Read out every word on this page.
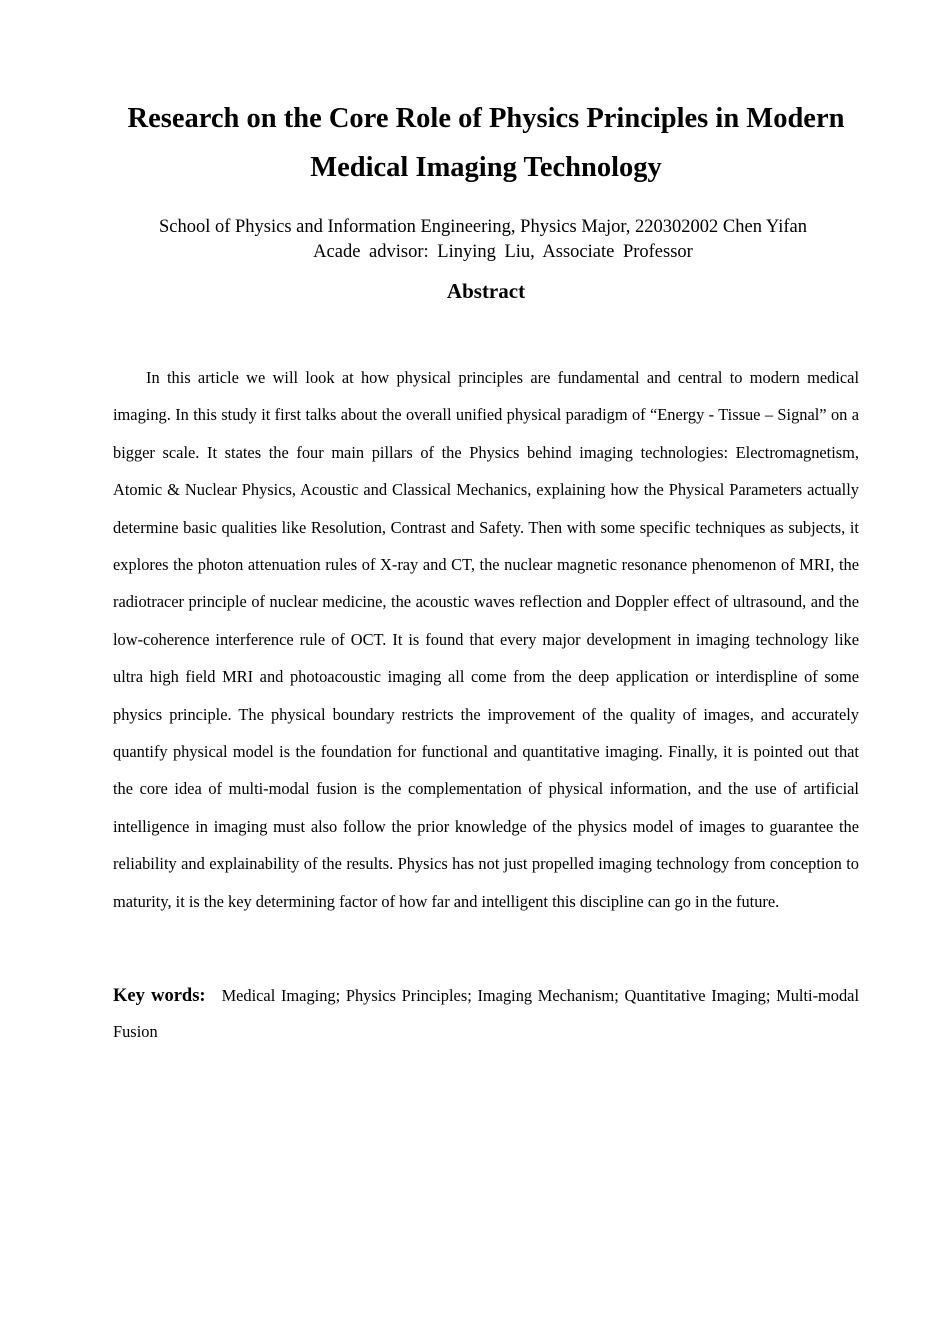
Research on the Core Role of Physics Principles in Modern Medical Imaging Technology

School of Physics and Information Engineering, Physics Major, 220302002 Chen Yifan

Acade advisor: Linying Liu, Associate Professor

Abstract

In this article we will look at how physical principles are fundamental and central to modern medical imaging. In this study it first talks about the overall unified physical paradigm of “Energy - Tissue – Signal” on a bigger scale. It states the four main pillars of the Physics behind imaging technologies: Electromagnetism, Atomic & Nuclear Physics, Acoustic and Classical Mechanics, explaining how the Physical Parameters actually determine basic qualities like Resolution, Contrast and Safety. Then with some specific techniques as subjects, it explores the photon attenuation rules of X-ray and CT, the nuclear magnetic resonance phenomenon of MRI, the radiotracer principle of nuclear medicine, the acoustic waves reflection and Doppler effect of ultrasound, and the low-coherence interference rule of OCT. It is found that every major development in imaging technology like ultra high field MRI and photoacoustic imaging all come from the deep application or interdispline of some physics principle. The physical boundary restricts the improvement of the quality of images, and accurately quantify physical model is the foundation for functional and quantitative imaging. Finally, it is pointed out that the core idea of multi-modal fusion is the complementation of physical information, and the use of artificial intelligence in imaging must also follow the prior knowledge of the physics model of images to guarantee the reliability and explainability of the results. Physics has not just propelled imaging technology from conception to maturity, it is the key determining factor of how far and intelligent this discipline can go in the future.

Key words: Medical Imaging; Physics Principles; Imaging Mechanism; Quantitative Imaging; Multi-modal Fusion
